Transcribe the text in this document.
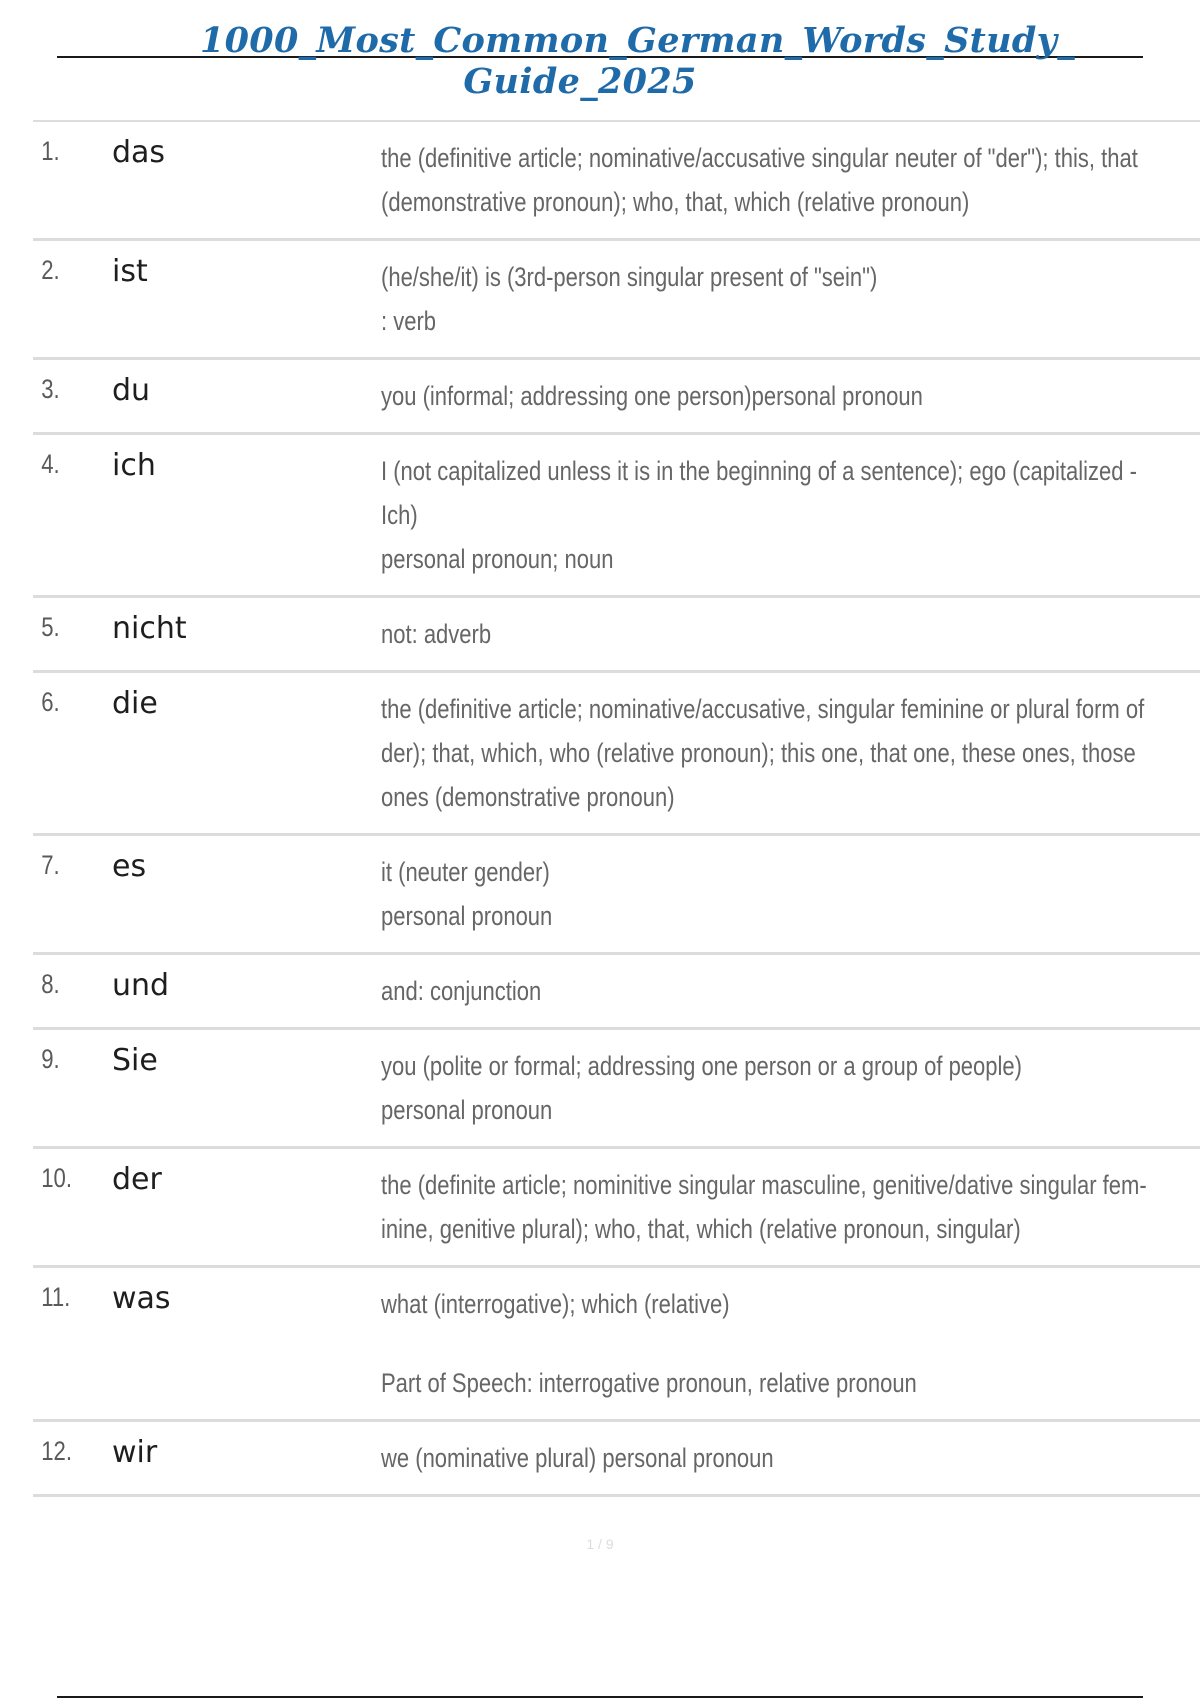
1000_Most_Common_German_Words_Study_
Guide_2025
1.	das	the (definitive article; nominative/accusative singular neuter of "der"); this, that
(demonstrative pronoun); who, that, which (relative pronoun)
2.	ist	(he/she/it) is (3rd-person singular present of "sein")
: verb
3.	du	you (informal; addressing one person)personal pronoun
4.	ich	I (not capitalized unless it is in the beginning of a sentence); ego (capitalized -
Ich)
personal pronoun; noun
5.	nicht	not: adverb
6.	die	the (definitive article; nominative/accusative, singular feminine or plural form of
der); that, which, who (relative pronoun); this one, that one, these ones, those
ones (demonstrative pronoun)
7.	es	it (neuter gender)
personal pronoun
8.	und	and: conjunction
9.	Sie	you (polite or formal; addressing one person or a group of people)
personal pronoun
10.	der	the (definite article; nominitive singular masculine, genitive/dative singular fem-
inine, genitive plural); who, that, which (relative pronoun, singular)
11.	was	what (interrogative); which (relative)
Part of Speech: interrogative pronoun, relative pronoun
12.	wir	we (nominative plural) personal pronoun
1 / 9
